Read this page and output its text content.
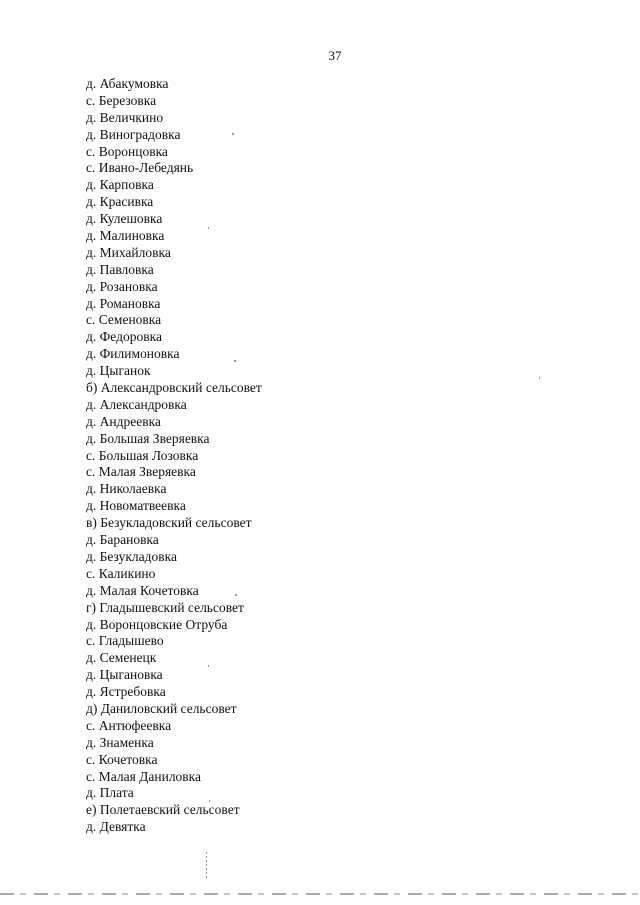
37
д. Абакумовка
с. Березовка
д. Величкино
д. Виноградовка
с. Воронцовка
с. Ивано-Лебедянь
д. Карповка
д. Красивка
д. Кулешовка
д. Малиновка
д. Михайловка
д. Павловка
д. Розановка
д. Романовка
с. Семеновка
д. Федоровка
д. Филимоновка
д. Цыганок
б) Александровский сельсовет
д. Александровка
д. Андреевка
д. Большая Зверяевка
с. Большая Лозовка
с. Малая Зверяевка
д. Николаевка
д. Новоматвеевка
в) Безукладовский сельсовет
д. Барановка
д. Безукладовка
с. Каликино
д. Малая Кочетовка
г) Гладышевский сельсовет
д. Воронцовские Отруба
с. Гладышево
д. Семенецк
д. Цыгановка
д. Ястребовка
д) Даниловский сельсовет
с. Антюфеевка
д. Знаменка
с. Кочетовка
с. Малая Даниловка
д. Плата
е) Полетаевский сельсовет
д. Девятка
